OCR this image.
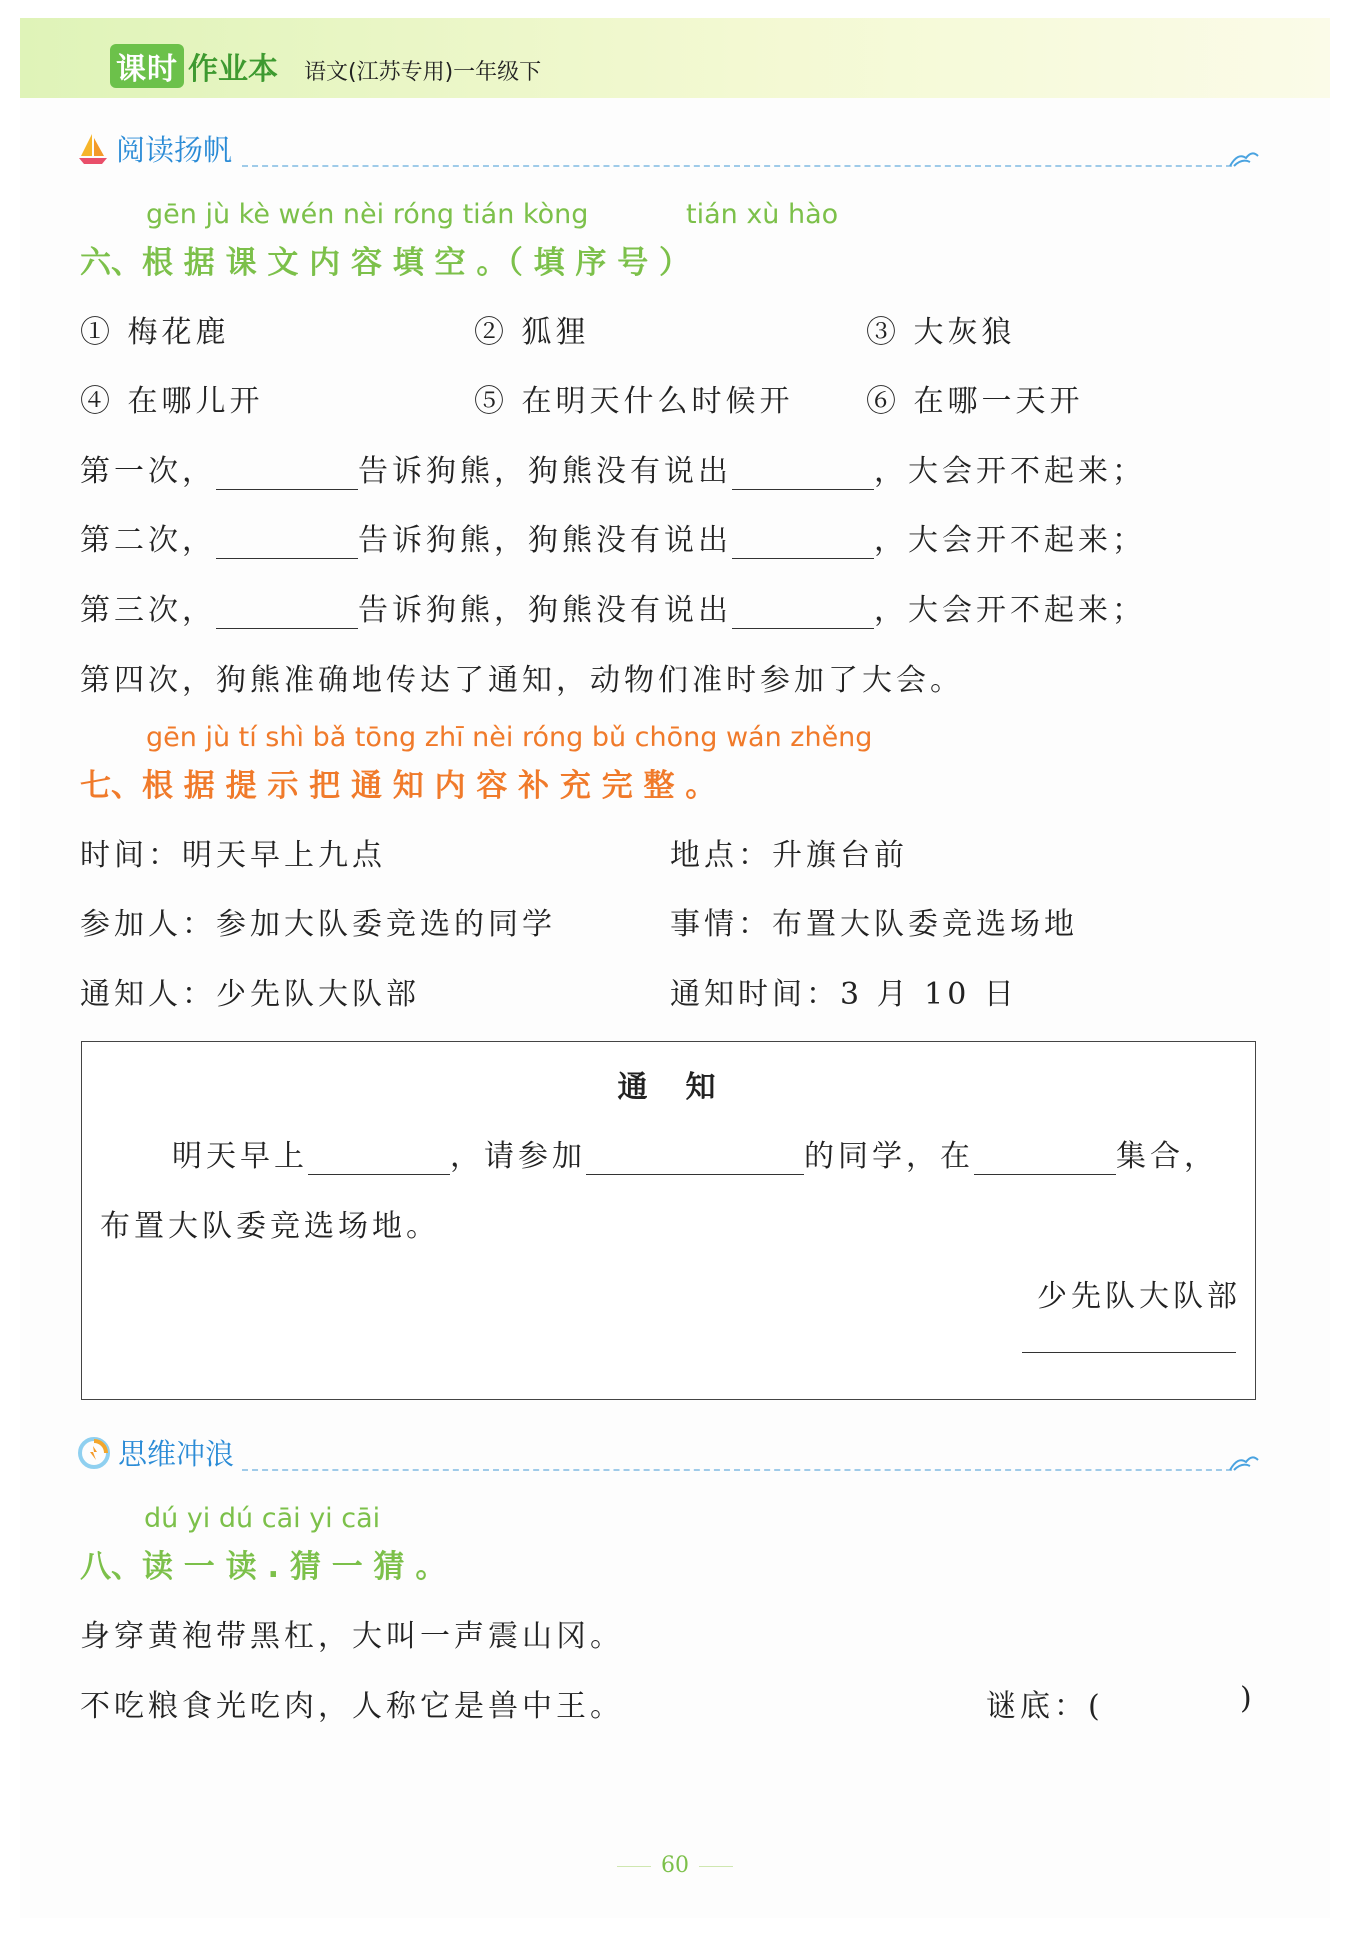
课时 作业本 语文(江苏专用)一年级下
阅读扬帆
gēn jù kè wén nèi róng tián kòng	tián xù hào
六、根 据 课 文 内 容 填 空 。（ 填 序 号 ）
① 梅花鹿	② 狐狸	③ 大灰狼
④ 在哪儿开	⑤ 在明天什么时候开 ⑥ 在哪一天开
第一次，	告诉狗熊，狗熊没有说出	，大会开不起来；
第二次，	告诉狗熊，狗熊没有说出	，大会开不起来；
第三次，	告诉狗熊，狗熊没有说出	，大会开不起来；
第四次，狗熊准确地传达了通知，动物们准时参加了大会。
gēn jù tí shì bǎ tōng zhī nèi róng bǔ chōng wán zhěng
七、根 据 提 示 把 通 知 内 容 补 充 完 整 。
时间：明天早上九点	地点：升旗台前
参加人：参加大队委竞选的同学	事情：布置大队委竞选场地
通知人：少先队大队部	通知时间：3 月 10 日
通　知
明天早上	，请参加	的同学，在	集合，
布置大队委竞选场地。
少先队大队部
思维冲浪
dú yi dú cāi yi cāi
八、读 一 读 . 猜 一 猜 。
身穿黄袍带黑杠，大叫一声震山冈。
不吃粮食光吃肉，人称它是兽中王。	谜底：(	)
60
